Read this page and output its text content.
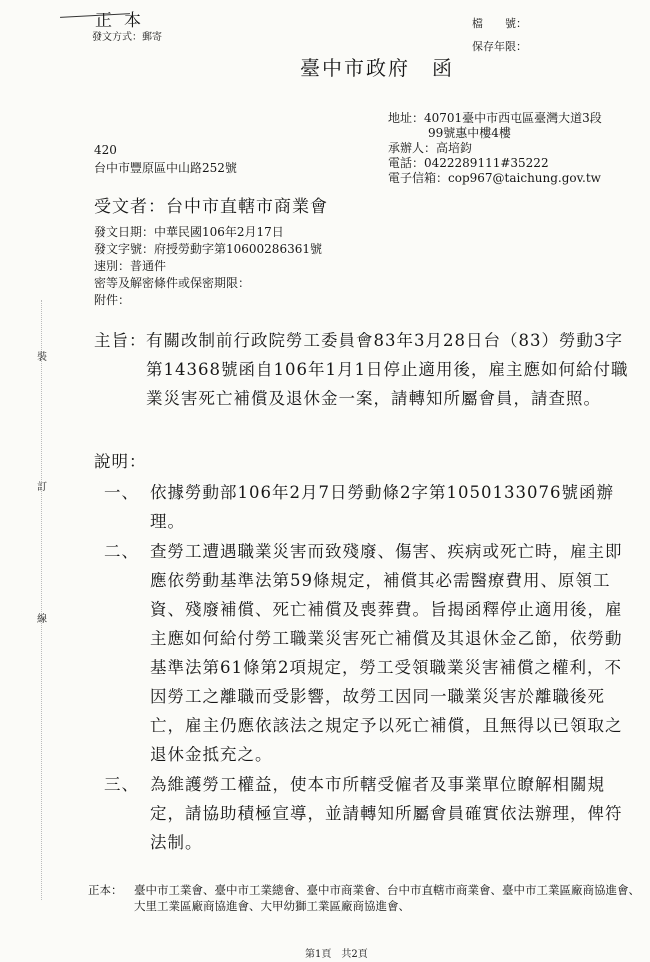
正本
發文方式：郵寄
檔　　號：
保存年限：
臺中市政府　函
地址：40701臺中市西屯區臺灣大道3段
99號惠中樓4樓
承辦人：高培鈞
電話：0422289111#35222
電子信箱：cop967@taichung.gov.tw
420
台中市豐原區中山路252號
受文者：台中市直轄市商業會
發文日期：中華民國106年2月17日
發文字號：府授勞動字第10600286361號
速別：普通件
密等及解密條件或保密期限：
附件：
裝
訂
線
主旨： 有關改制前行政院勞工委員會83年3月28日台（83）勞動3字第14368號函自106年1月1日停止適用後，雇主應如何給付職業災害死亡補償及退休金一案，請轉知所屬會員，請查照。
說明：
一、 依據勞動部106年2月7日勞動條2字第1050133076號函辦理。
二、 查勞工遭遇職業災害而致殘廢、傷害、疾病或死亡時，雇主即應依勞動基準法第59條規定，補償其必需醫療費用、原領工資、殘廢補償、死亡補償及喪葬費。旨揭函釋停止適用後，雇主應如何給付勞工職業災害死亡補償及其退休金乙節，依勞動基準法第61條第2項規定，勞工受領職業災害補償之權利，不因勞工之離職而受影響，故勞工因同一職業災害於離職後死亡，雇主仍應依該法之規定予以死亡補償，且無得以已領取之退休金抵充之。
三、 為維護勞工權益，使本市所轄受僱者及事業單位瞭解相關規定，請協助積極宣導，並請轉知所屬會員確實依法辦理，俾符法制。
正本： 臺中市工業會、臺中市工業總會、臺中市商業會、台中市直轄市商業會、臺中市工業區廠商協進會、大里工業區廠商協進會、大甲幼獅工業區廠商協進會、
第1頁　共2頁
